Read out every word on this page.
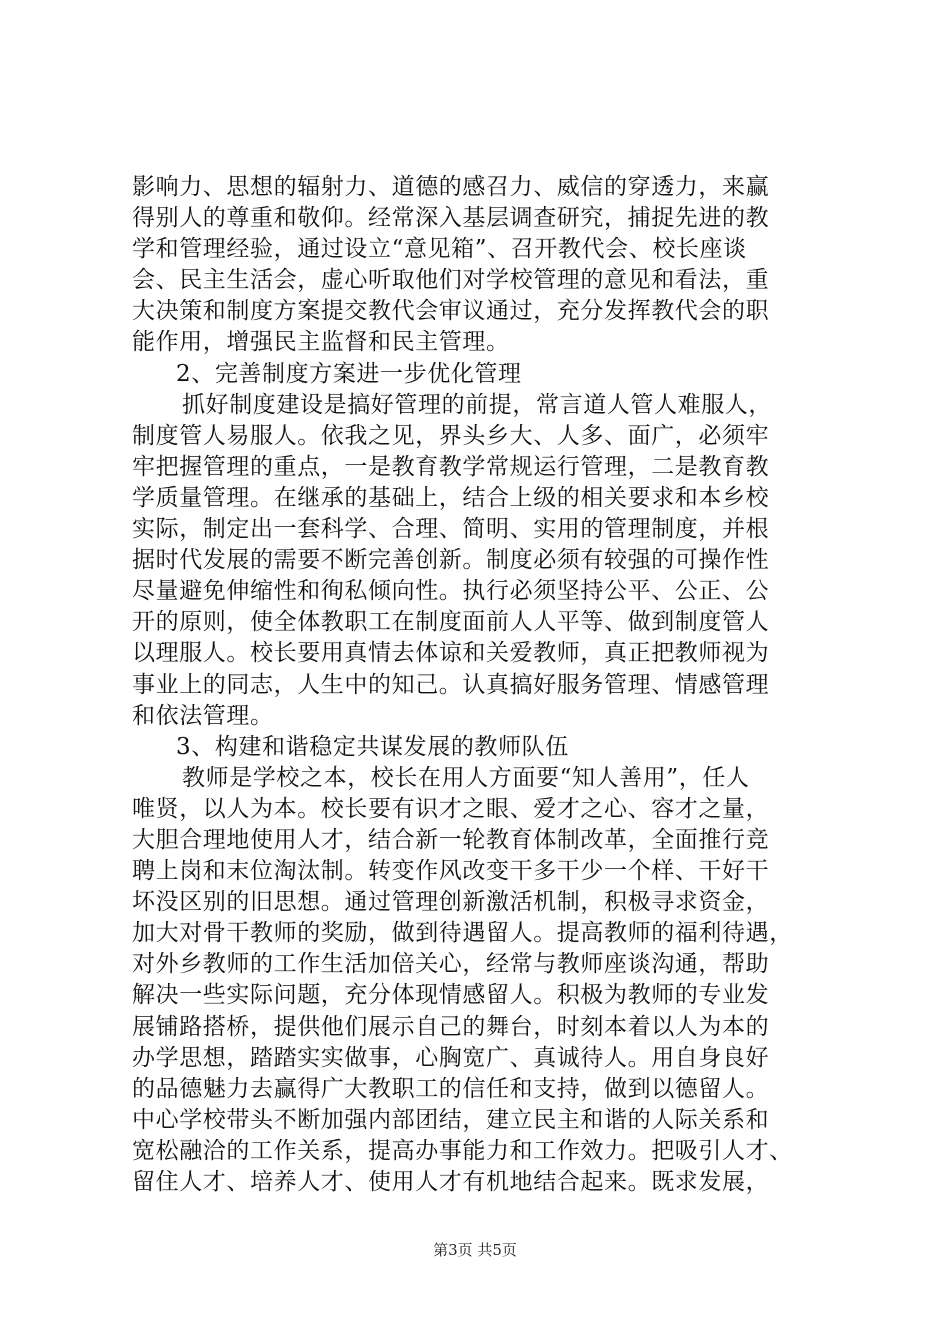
影响力、思想的辐射力、道德的感召力、威信的穿透力，来赢
得别人的尊重和敬仰。经常深入基层调查研究，捕捉先进的教
学和管理经验，通过设立“意见箱”、召开教代会、校长座谈
会、民主生活会，虚心听取他们对学校管理的意见和看法，重
大决策和制度方案提交教代会审议通过，充分发挥教代会的职
能作用，增强民主监督和民主管理。
2、完善制度方案进一步优化管理
抓好制度建设是搞好管理的前提，常言道人管人难服人，
制度管人易服人。依我之见，界头乡大、人多、面广，必须牢
牢把握管理的重点，一是教育教学常规运行管理，二是教育教
学质量管理。在继承的基础上，结合上级的相关要求和本乡校
实际，制定出一套科学、合理、简明、实用的管理制度，并根
据时代发展的需要不断完善创新。制度必须有较强的可操作性
尽量避免伸缩性和徇私倾向性。执行必须坚持公平、公正、公
开的原则，使全体教职工在制度面前人人平等、做到制度管人
以理服人。校长要用真情去体谅和关爱教师，真正把教师视为
事业上的同志，人生中的知己。认真搞好服务管理、情感管理
和依法管理。
3、构建和谐稳定共谋发展的教师队伍
教师是学校之本，校长在用人方面要“知人善用”，任人
唯贤，以人为本。校长要有识才之眼、爱才之心、容才之量，
大胆合理地使用人才，结合新一轮教育体制改革，全面推行竞
聘上岗和末位淘汰制。转变作风改变干多干少一个样、干好干
坏没区别的旧思想。通过管理创新激活机制，积极寻求资金，
加大对骨干教师的奖励，做到待遇留人。提高教师的福利待遇，
对外乡教师的工作生活加倍关心，经常与教师座谈沟通，帮助
解决一些实际问题，充分体现情感留人。积极为教师的专业发
展铺路搭桥，提供他们展示自己的舞台，时刻本着以人为本的
办学思想，踏踏实实做事，心胸宽广、真诚待人。用自身良好
的品德魅力去赢得广大教职工的信任和支持，做到以德留人。
中心学校带头不断加强内部团结，建立民主和谐的人际关系和
宽松融洽的工作关系，提高办事能力和工作效力。把吸引人才、
留住人才、培养人才、使用人才有机地结合起来。既求发展，
第3页 共5页
